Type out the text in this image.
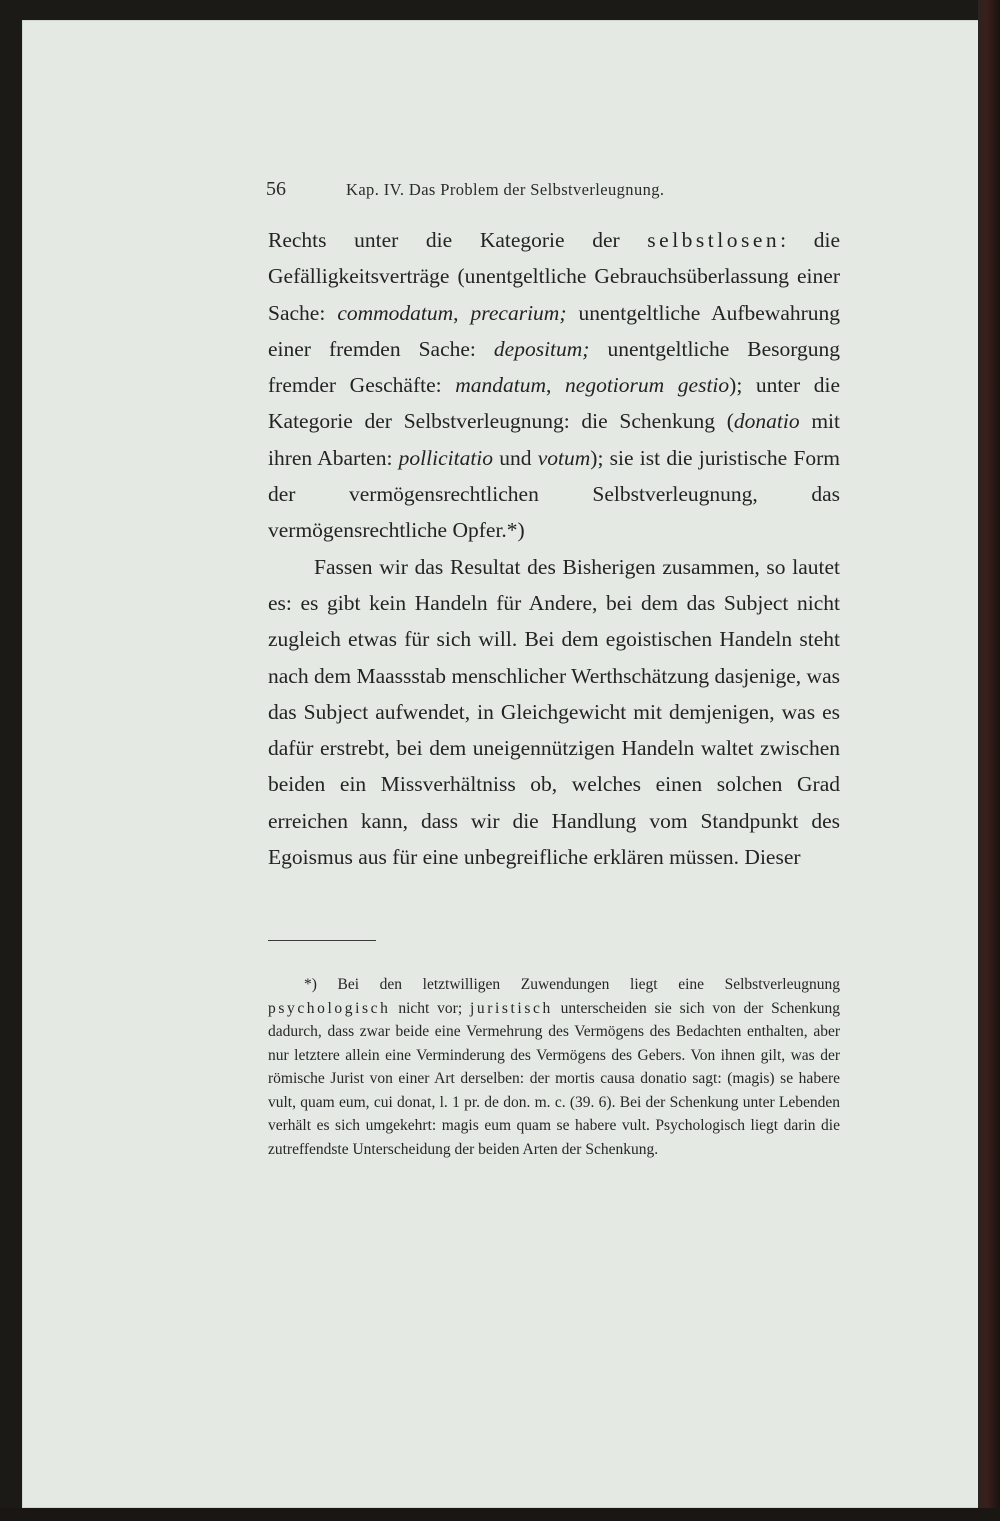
56	Kap. IV. Das Problem der Selbstverleugnung.

Rechts unter die Kategorie der selbstlosen: die Gefälligkeitsverträge (unentgeltliche Gebrauchsüberlassung einer Sache: commodatum, precarium; unentgeltliche Aufbewahrung einer fremden Sache: depositum; unentgeltliche Besorgung fremder Geschäfte: mandatum, negotiorum gestio); unter die Kategorie der Selbstverleugnung: die Schenkung (donatio mit ihren Abarten: pollicitatio und votum); sie ist die juristische Form der vermögensrechtlichen Selbstverleugnung, das vermögensrechtliche Opfer.*)

Fassen wir das Resultat des Bisherigen zusammen, so lautet es: es gibt kein Handeln für Andere, bei dem das Subject nicht zugleich etwas für sich will. Bei dem egoistischen Handeln steht nach dem Maassstab menschlicher Werthschätzung dasjenige, was das Subject aufwendet, in Gleichgewicht mit demjenigen, was es dafür erstrebt, bei dem uneigennützigen Handeln waltet zwischen beiden ein Missverhältniss ob, welches einen solchen Grad erreichen kann, dass wir die Handlung vom Standpunkt des Egoismus aus für eine unbegreifliche erklären müssen. Dieser

*) Bei den letztwilligen Zuwendungen liegt eine Selbstverleugnung psychologisch nicht vor; juristisch unterscheiden sie sich von der Schenkung dadurch, dass zwar beide eine Vermehrung des Vermögens des Bedachten enthalten, aber nur letztere allein eine Verminderung des Vermögens des Gebers. Von ihnen gilt, was der römische Jurist von einer Art derselben: der mortis causa donatio sagt: (magis) se habere vult, quam eum, cui donat, l. 1 pr. de don. m. c. (39. 6). Bei der Schenkung unter Lebenden verhält es sich umgekehrt: magis eum quam se habere vult. Psychologisch liegt darin die zutreffendste Unterscheidung der beiden Arten der Schenkung.
